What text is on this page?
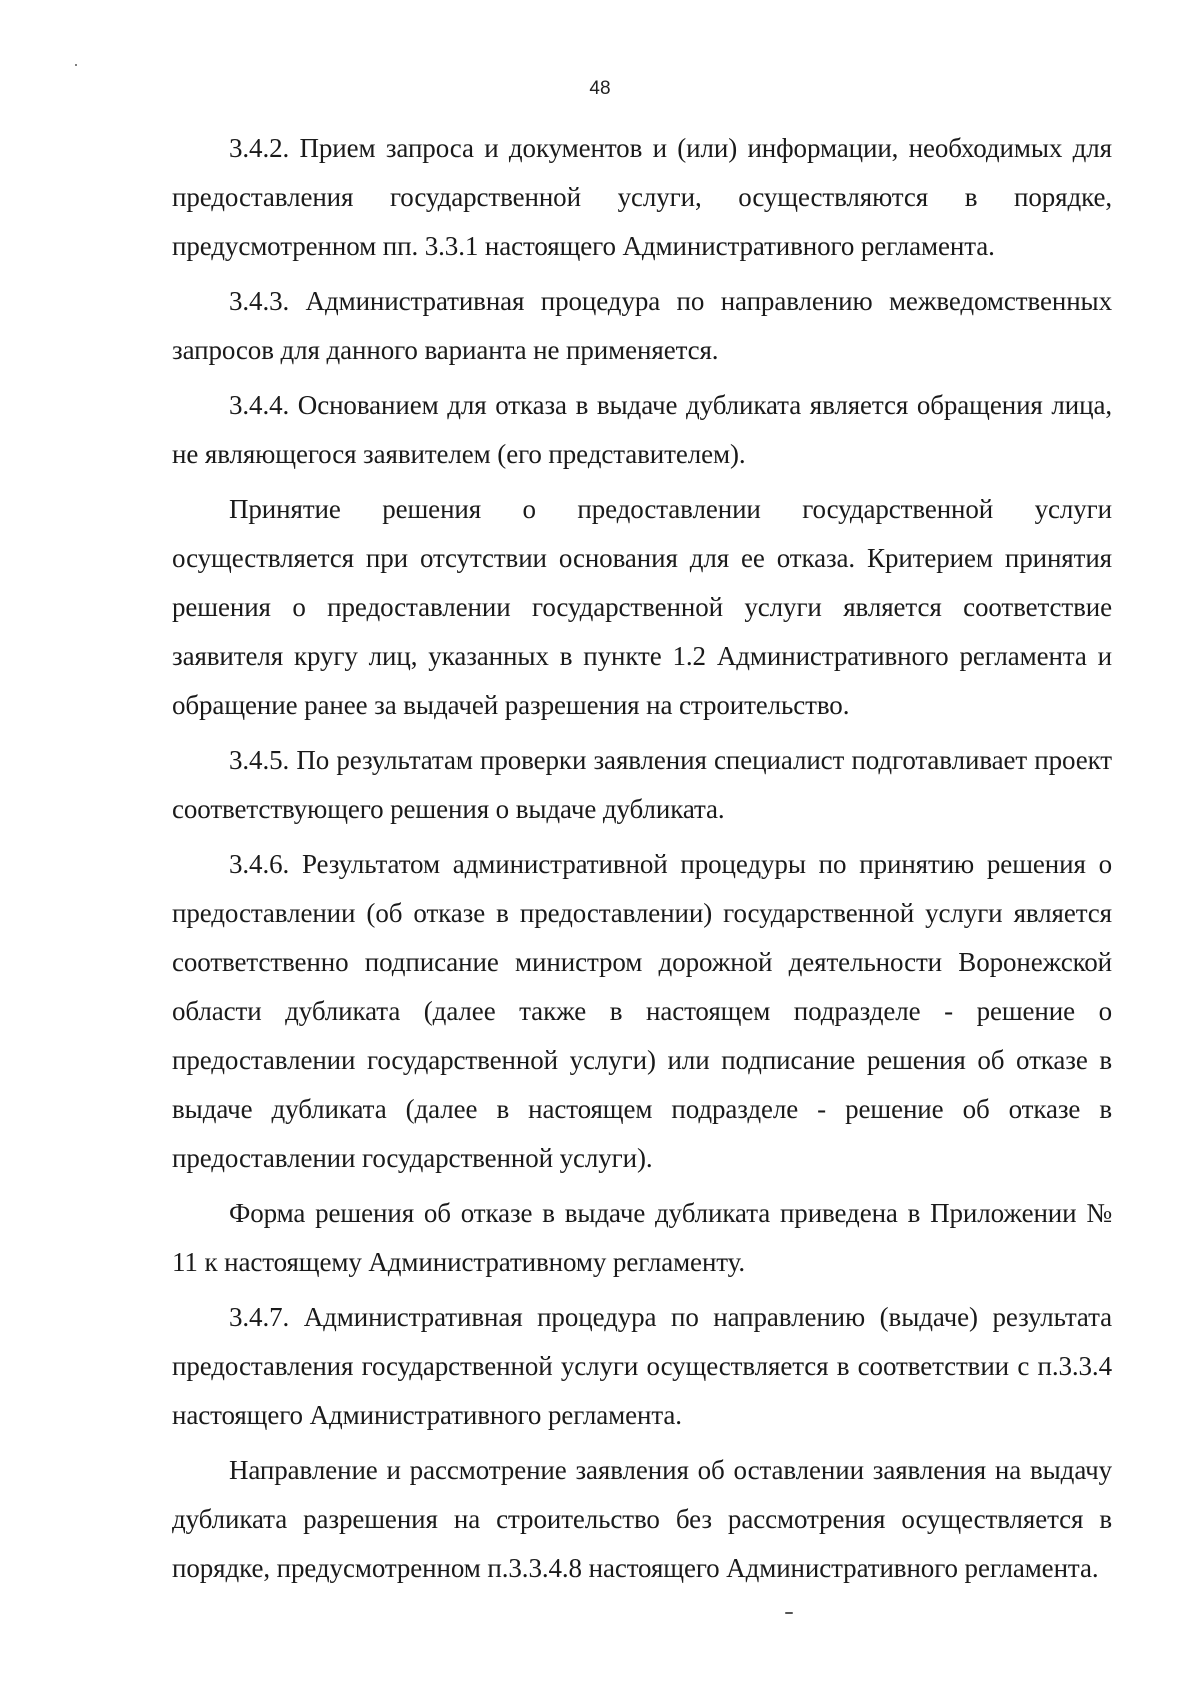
48

3.4.2. Прием запроса и документов и (или) информации, необходимых для предоставления государственной услуги, осуществляются в порядке, предусмотренном пп. 3.3.1 настоящего Административного регламента.

3.4.3. Административная процедура по направлению межведомственных запросов для данного варианта не применяется.

3.4.4. Основанием для отказа в выдаче дубликата является обращения лица, не являющегося заявителем (его представителем).

Принятие решения о предоставлении государственной услуги осуществляется при отсутствии основания для ее отказа. Критерием принятия решения о предоставлении государственной услуги является соответствие заявителя кругу лиц, указанных в пункте 1.2 Административного регламента и обращение ранее за выдачей разрешения на строительство.

3.4.5. По результатам проверки заявления специалист подготавливает проект соответствующего решения о выдаче дубликата.

3.4.6. Результатом административной процедуры по принятию решения о предоставлении (об отказе в предоставлении) государственной услуги является соответственно подписание министром дорожной деятельности Воронежской области дубликата (далее также в настоящем подразделе - решение о предоставлении государственной услуги) или подписание решения об отказе в выдаче дубликата (далее в настоящем подразделе - решение об отказе в предоставлении государственной услуги).

Форма решения об отказе в выдаче дубликата приведена в Приложении № 11 к настоящему Административному регламенту.

3.4.7. Административная процедура по направлению (выдаче) результата предоставления государственной услуги осуществляется в соответствии с п.3.3.4 настоящего Административного регламента.

Направление и рассмотрение заявления об оставлении заявления на выдачу дубликата разрешения на строительство без рассмотрения осуществляется в порядке, предусмотренном п.3.3.4.8 настоящего Административного регламента.
